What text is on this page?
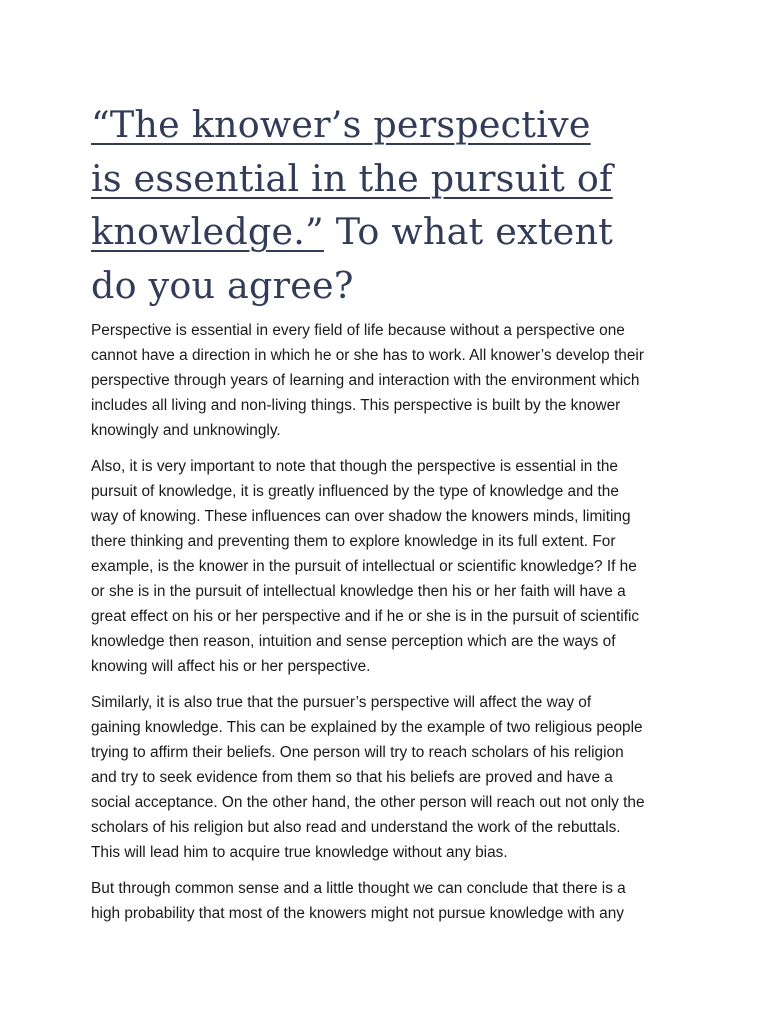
“The knower’s perspective
is essential in the pursuit of
knowledge.” To what extent
do you agree?

Perspective is essential in every field of life because without a perspective one
cannot have a direction in which he or she has to work. All knower’s develop their
perspective through years of learning and interaction with the environment which
includes all living and non-living things. This perspective is built by the knower
knowingly and unknowingly.

Also, it is very important to note that though the perspective is essential in the
pursuit of knowledge, it is greatly influenced by the type of knowledge and the
way of knowing. These influences can over shadow the knowers minds, limiting
there thinking and preventing them to explore knowledge in its full extent. For
example, is the knower in the pursuit of intellectual or scientific knowledge? If he
or she is in the pursuit of intellectual knowledge then his or her faith will have a
great effect on his or her perspective and if he or she is in the pursuit of scientific
knowledge then reason, intuition and sense perception which are the ways of
knowing will affect his or her perspective.

Similarly, it is also true that the pursuer’s perspective will affect the way of
gaining knowledge. This can be explained by the example of two religious people
trying to affirm their beliefs. One person will try to reach scholars of his religion
and try to seek evidence from them so that his beliefs are proved and have a
social acceptance. On the other hand, the other person will reach out not only the
scholars of his religion but also read and understand the work of the rebuttals.
This will lead him to acquire true knowledge without any bias.

But through common sense and a little thought we can conclude that there is a
high probability that most of the knowers might not pursue knowledge with any
